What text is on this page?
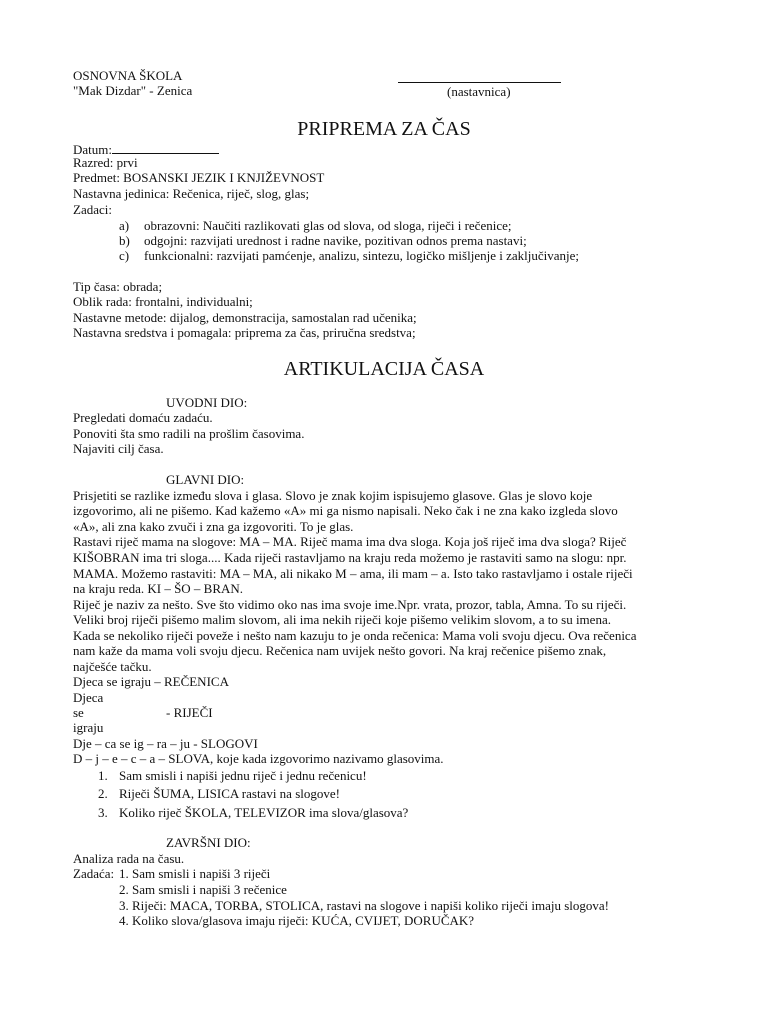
OSNOVNA ŠKOLA
"Mak Dizdar" - Zenica	(nastavnica)
PRIPREMA ZA ČAS
Datum:
Razred: prvi
Predmet: BOSANSKI JEZIK I KNJIŽEVNOST
Nastavna jedinica: Rečenica, riječ, slog, glas;
Zadaci:
a) obrazovni: Naučiti razlikovati glas od slova, od sloga, riječi i rečenice;
b) odgojni: razvijati urednost i radne navike, pozitivan odnos prema nastavi;
c) funkcionalni: razvijati pamćenje, analizu, sintezu, logičko mišljenje i zaključivanje;
Tip časa: obrada;
Oblik rada: frontalni, individualni;
Nastavne metode: dijalog, demonstracija, samostalan rad učenika;
Nastavna sredstva i pomagala: priprema za čas, priručna sredstva;
ARTIKULACIJA ČASA
UVODNI DIO:
Pregledati domaću zadaću.
Ponoviti šta smo radili na prošlim časovima.
Najaviti cilj časa.
GLAVNI DIO:
Prisjetiti se razlike između slova i glasa. Slovo je znak kojim ispisujemo glasove. Glas je slovo koje
izgovorimo, ali ne pišemo. Kad kažemo «A» mi ga nismo napisali. Neko čak i ne zna kako izgleda slovo
«A», ali zna kako zvuči i zna ga izgovoriti. To je glas.
Rastavi riječ mama na slogove: MA – MA. Riječ mama ima dva sloga. Koja još riječ ima dva sloga? Riječ
KIŠOBRAN ima tri sloga.... Kada riječi rastavljamo na kraju reda možemo je rastaviti samo na slogu: npr.
MAMA. Možemo rastaviti: MA – MA, ali nikako M – ama, ili mam – a. Isto tako rastavljamo i ostale riječi
na kraju reda. KI – ŠO – BRAN.
Riječ je naziv za nešto. Sve što vidimo oko nas ima svoje ime.Npr. vrata, prozor, tabla, Amna. To su riječi.
Veliki broj riječi pišemo malim slovom, ali ima nekih riječi koje pišemo velikim slovom, a to su imena.
Kada se nekoliko riječi poveže i nešto nam kazuju to je onda rečenica: Mama voli svoju djecu. Ova rečenica
nam kaže da mama voli svoju djecu. Rečenica nam uvijek nešto govori. Na kraj rečenice pišemo znak,
najčešće tačku.
Djeca se igraju – REČENICA
Djeca
se	- RIJEČI
igraju
Dje – ca se ig – ra – ju - SLOGOVI
D – j – e – c – a – SLOVA, koje kada izgovorimo nazivamo glasovima.
1. Sam smisli i napiši jednu riječ i jednu rečenicu!
2. Riječi ŠUMA, LISICA rastavi na slogove!
3. Koliko riječ ŠKOLA, TELEVIZOR ima slova/glasova?
ZAVRŠNI DIO:
Analiza rada na času.
Zadaća: 1. Sam smisli i napiši 3 riječi
2. Sam smisli i napiši 3 rečenice
3. Riječi: MACA, TORBA, STOLICA, rastavi na slogove i napiši koliko riječi imaju slogova!
4. Koliko slova/glasova imaju riječi: KUĆA, CVIJET, DORUČAK?
